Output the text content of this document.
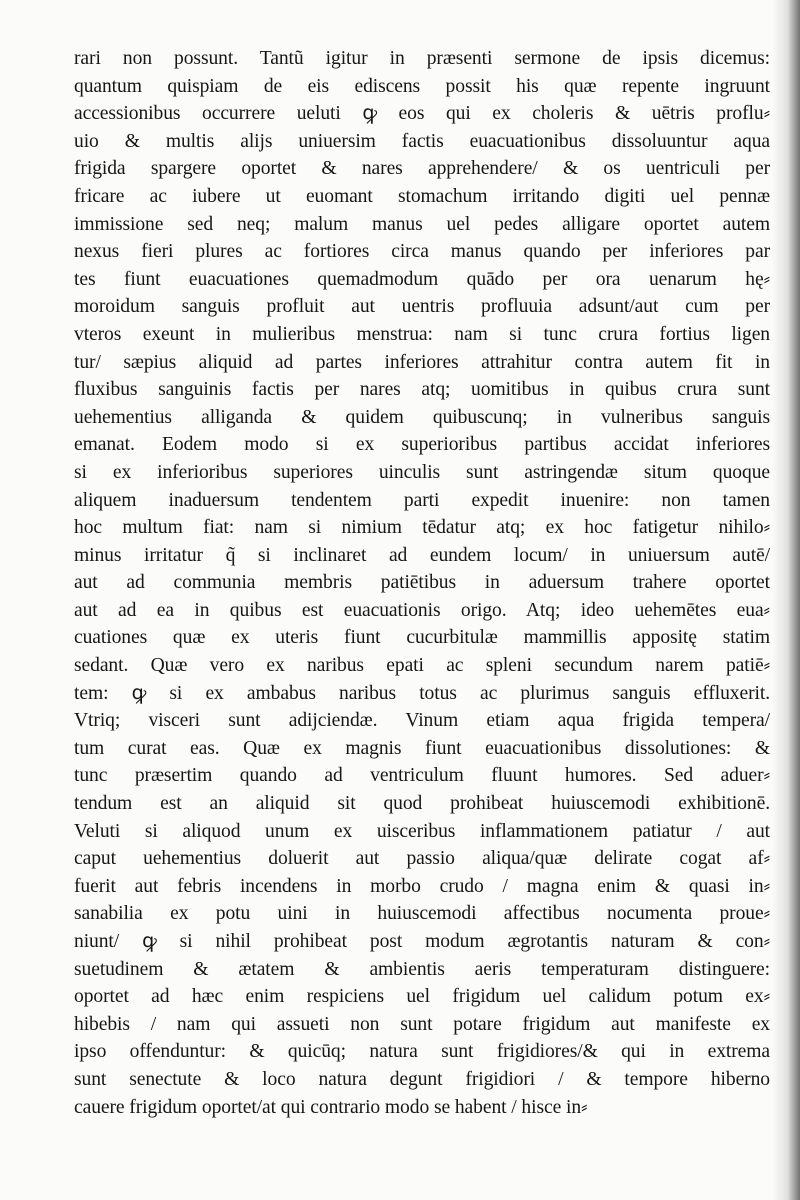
rari non possunt. Tantũ igitur in præsenti sermone de ipsis dicemus:
quantum quispiam de eis ediscens possit his quæ repente ingruunt
accessionibus occurrere ueluti ꝙ eos qui ex choleris & uētris proflu⸗
uio & multis alijs uniuersim factis euacuationibus dissoluuntur aqua
frigida spargere oportet & nares apprehendere/ & os uentriculi per
fricare ac iubere ut euomant stomachum irritando digiti uel pennæ
immissione sed neq; malum manus uel pedes alligare oportet autem
nexus fieri plures ac fortiores circa manus quando per inferiores par
tes fiunt euacuationes quemadmodum quādo per ora uenarum hę⸗
moroidum sanguis profluit aut uentris profluuia adsunt/aut cum per
vteros exeunt in mulieribus menstrua: nam si tunc crura fortius ligen
tur/ sæpius aliquid ad partes inferiores attrahitur contra autem fit in
fluxibus sanguinis factis per nares atq; uomitibus in quibus crura sunt
uehementius alliganda & quidem quibuscunq; in vulneribus sanguis
emanat. Eodem modo si ex superioribus partibus accidat inferiores
si ex inferioribus superiores uinculis sunt astringendæ situm quoque
aliquem inaduersum tendentem parti expedit inuenire: non tamen
hoc multum fiat: nam si nimium tēdatur atq; ex hoc fatigetur nihilo⸗
minus irritatur q̃ si inclinaret ad eundem locum/ in uniuersum autē/
aut ad communia membris patiētibus in aduersum trahere oportet
aut ad ea in quibus est euacuationis origo. Atq; ideo uehemētes eua⸗
cuationes quæ ex uteris fiunt cucurbitulæ mammillis appositę statim
sedant. Quæ vero ex naribus epati ac spleni secundum narem patiē⸗
tem: ꝙ si ex ambabus naribus totus ac plurimus sanguis effluxerit.
Vtriq; visceri sunt adijciendæ. Vinum etiam aqua frigida tempera/
tum curat eas. Quæ ex magnis fiunt euacuationibus dissolutiones: &
tunc præsertim quando ad ventriculum fluunt humores. Sed aduer⸗
tendum est an aliquid sit quod prohibeat huiuscemodi exhibitionē.
Veluti si aliquod unum ex uisceribus inflammationem patiatur / aut
caput uehementius doluerit aut passio aliqua/quæ delirate cogat af⸗
fuerit aut febris incendens in morbo crudo / magna enim & quasi in⸗
sanabilia ex potu uini in huiuscemodi affectibus nocumenta proue⸗
niunt/ ꝙ si nihil prohibeat post modum ægrotantis naturam & con⸗
suetudinem & ætatem & ambientis aeris temperaturam distinguere:
oportet ad hæc enim respiciens uel frigidum uel calidum potum ex⸗
hibebis / nam qui assueti non sunt potare frigidum aut manifeste ex
ipso offenduntur: & quicūq; natura sunt frigidiores/& qui in extrema
sunt senectute & loco natura degunt frigidiori / & tempore hiberno
cauere frigidum oportet/at qui contrario modo se habent / hisce in⸗
